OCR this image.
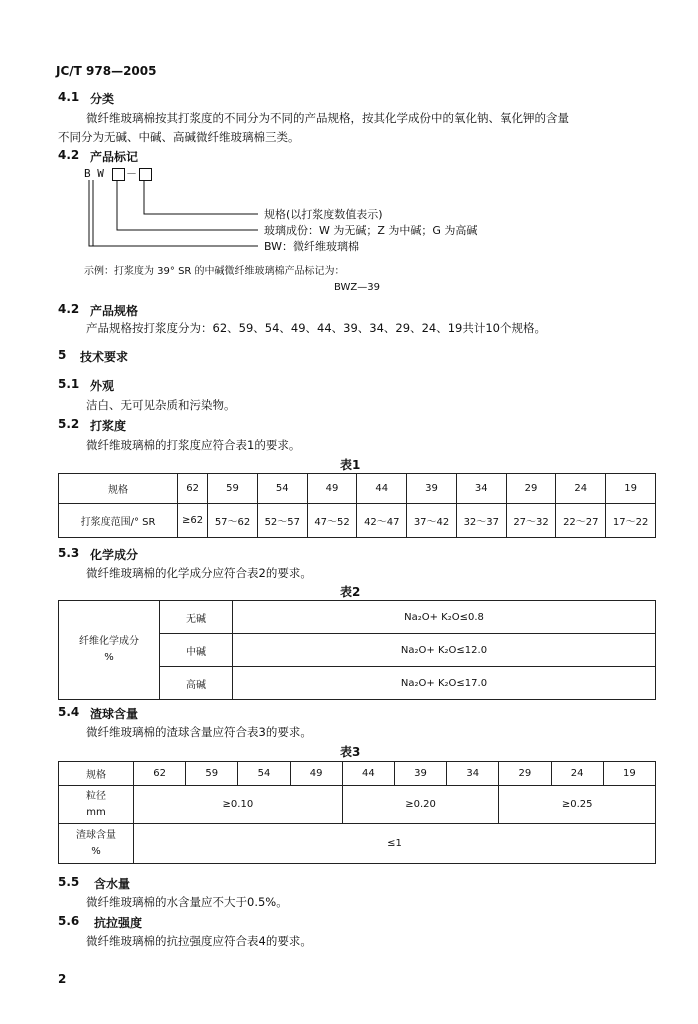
JC/T 978—2005
4.1 分类
微纤维玻璃棉按其打浆度的不同分为不同的产品规格，按其化学成份中的氧化钠、氧化钾的含量
不同分为无碱、中碱、高碱微纤维玻璃棉三类。
4.2 产品标记
B W －
规格(以打浆度数值表示)
玻璃成份：W 为无碱；Z 为中碱；G 为高碱
BW：微纤维玻璃棉
示例：打浆度为 39° SR 的中碱微纤维玻璃棉产品标记为：
BWZ—39
4.2 产品规格
产品规格按打浆度分为：62、59、54、49、44、39、34、29、24、19共计10个规格。
5 技术要求
5.1 外观
洁白、无可见杂质和污染物。
5.2 打浆度
微纤维玻璃棉的打浆度应符合表1的要求。
表1
规格	62	59	54	49	44	39	34	29	24	19
打浆度范围/° SR	≥62	57～62	52～57	47～52	42～47	37～42	32～37	27～32	22～27	17～22
5.3 化学成分
微纤维玻璃棉的化学成分应符合表2的要求。
表2
纤维化学成分
%	无碱	Na₂O+ K₂O≤0.8
	中碱	Na₂O+ K₂O≤12.0
	高碱	Na₂O+ K₂O≤17.0
5.4 渣球含量
微纤维玻璃棉的渣球含量应符合表3的要求。
表3
规格	62	59	54	49	44	39	34	29	24	19

粒径
mm	≥0.10				≥0.20			≥0.25		

渣球含量
%	≤1									
5.5 含水量
微纤维玻璃棉的水含量应不大于0.5%。
5.6 抗拉强度
微纤维玻璃棉的抗拉强度应符合表4的要求。
2
